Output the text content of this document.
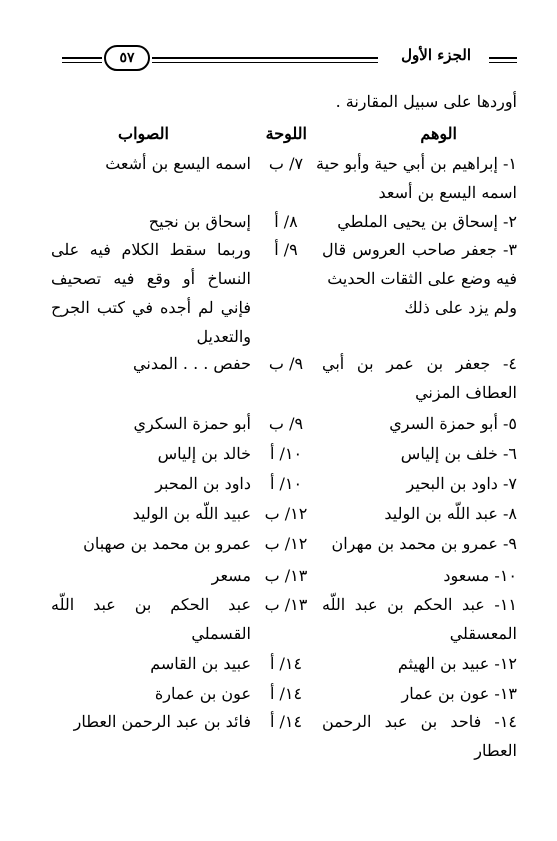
الجزء الأول
٥٧
أوردها على سبيل المقارنة .
الوهم
اللوحة
الصواب
١- إبراهيم بن أبي حية وأبو حية
اسمه اليسع بن أسعد
٧/ ب
اسمه اليسع بن أشعث
٢- إسحاق بن يحيى الملطي
٨/ أ
إسحاق بن نجيح
٣- جعفر صاحب العروس قال
فيه وضع على الثقات الحديث
ولم يزد على ذلك
٩/ أ
وربما سقط الكلام فيه على
النساخ أو وقع فيه تصحيف
فإني لم أجده في كتب الجرح
والتعديل
٤- جعفر بن عمر بن أبي
العطاف المزني
٩/ ب
حفص . . . المدني
٥- أبو حمزة السري
٩/ ب
أبو حمزة السكري
٦- خلف بن إلياس
١٠/ أ
خالد بن إلياس
٧- داود بن البحير
١٠/ أ
داود بن المحبر
٨- عبد اللّه بن الوليد
١٢/ ب
عبيد اللّه بن الوليد
٩- عمرو بن محمد بن مهران
١٢/ ب
عمرو بن محمد بن صهبان
١٠- مسعود
١٣/ ب
مسعر
١١- عبد الحكم بن عبد اللّه
المعسقلي
١٣/ ب
عبد الحكم بن عبد اللّه
القسملي
١٢- عبيد بن الهيثم
١٤/ أ
عبيد بن القاسم
١٣- عون بن عمار
١٤/ أ
عون بن عمارة
١٤- فاحد بن عبد الرحمن
العطار
١٤/ أ
فائد بن عبد الرحمن العطار
